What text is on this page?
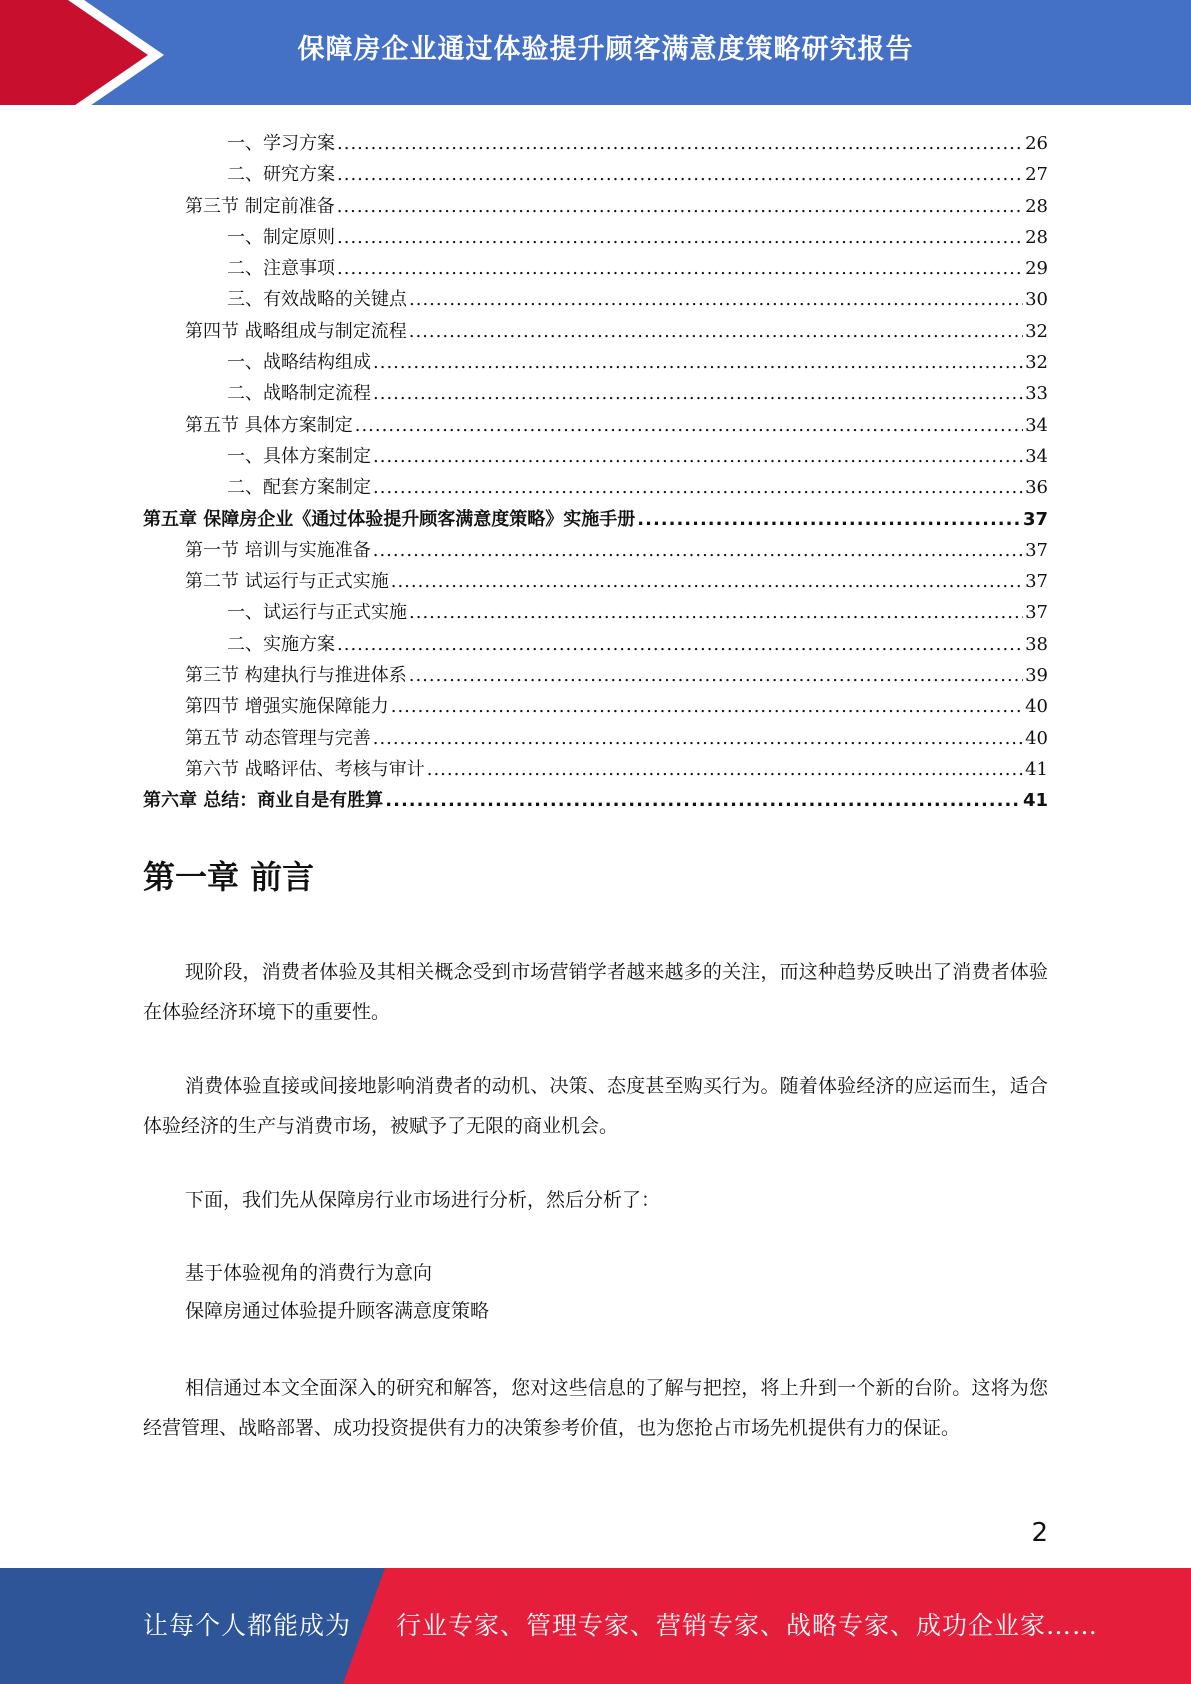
保障房企业通过体验提升顾客满意度策略研究报告
一、学习方案 .....	26
二、研究方案 .....	27
第三节 制定前准备 .....	28
一、制定原则 .....	28
二、注意事项 .....	29
三、有效战略的关键点 .....	30
第四节 战略组成与制定流程 .....	32
一、战略结构组成 .....	32
二、战略制定流程 .....	33
第五节 具体方案制定 .....	34
一、具体方案制定 .....	34
二、配套方案制定 .....	36
第五章 保障房企业《通过体验提升顾客满意度策略》实施手册 .....	37
第一节 培训与实施准备 .....	37
第二节 试运行与正式实施 .....	37
一、试运行与正式实施 .....	37
二、实施方案 .....	38
第三节 构建执行与推进体系 .....	39
第四节 增强实施保障能力 .....	40
第五节 动态管理与完善 .....	40
第六节 战略评估、考核与审计 .....	41
第六章 总结：商业自是有胜算 .....	41
第一章 前言

现阶段，消费者体验及其相关概念受到市场营销学者越来越多的关注，而这种趋势反映出了消费者体验在体验经济环境下的重要性。

消费体验直接或间接地影响消费者的动机、决策、态度甚至购买行为。随着体验经济的应运而生，适合体验经济的生产与消费市场，被赋予了无限的商业机会。

下面，我们先从保障房行业市场进行分析，然后分析了：

基于体验视角的消费行为意向
保障房通过体验提升顾客满意度策略

相信通过本文全面深入的研究和解答，您对这些信息的了解与把控，将上升到一个新的台阶。这将为您经营管理、战略部署、成功投资提供有力的决策参考价值，也为您抢占市场先机提供有力的保证。

2
让每个人都能成为 行业专家、管理专家、营销专家、战略专家、成功企业家……
